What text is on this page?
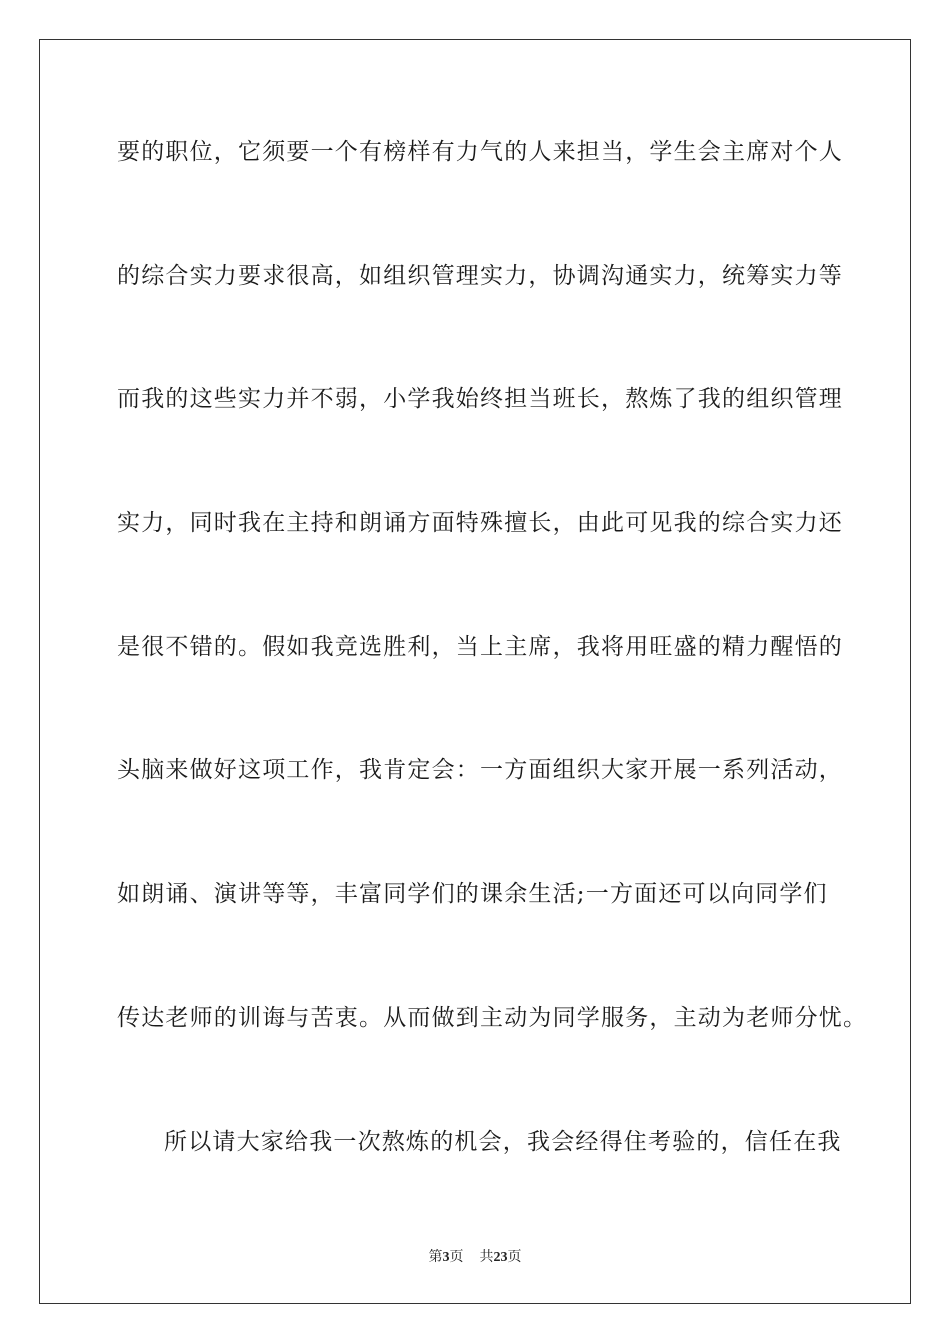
要的职位，它须要一个有榜样有力气的人来担当，学生会主席对个人
的综合实力要求很高，如组织管理实力，协调沟通实力，统筹实力等
而我的这些实力并不弱，小学我始终担当班长，熬炼了我的组织管理
实力，同时我在主持和朗诵方面特殊擅长，由此可见我的综合实力还
是很不错的。假如我竞选胜利，当上主席，我将用旺盛的精力醒悟的
头脑来做好这项工作，我肯定会：一方面组织大家开展一系列活动，
如朗诵、演讲等等，丰富同学们的课余生活;一方面还可以向同学们
传达老师的训诲与苦衷。从而做到主动为同学服务，主动为老师分忧。
所以请大家给我一次熬炼的机会，我会经得住考验的，信任在我
第3页 共23页
